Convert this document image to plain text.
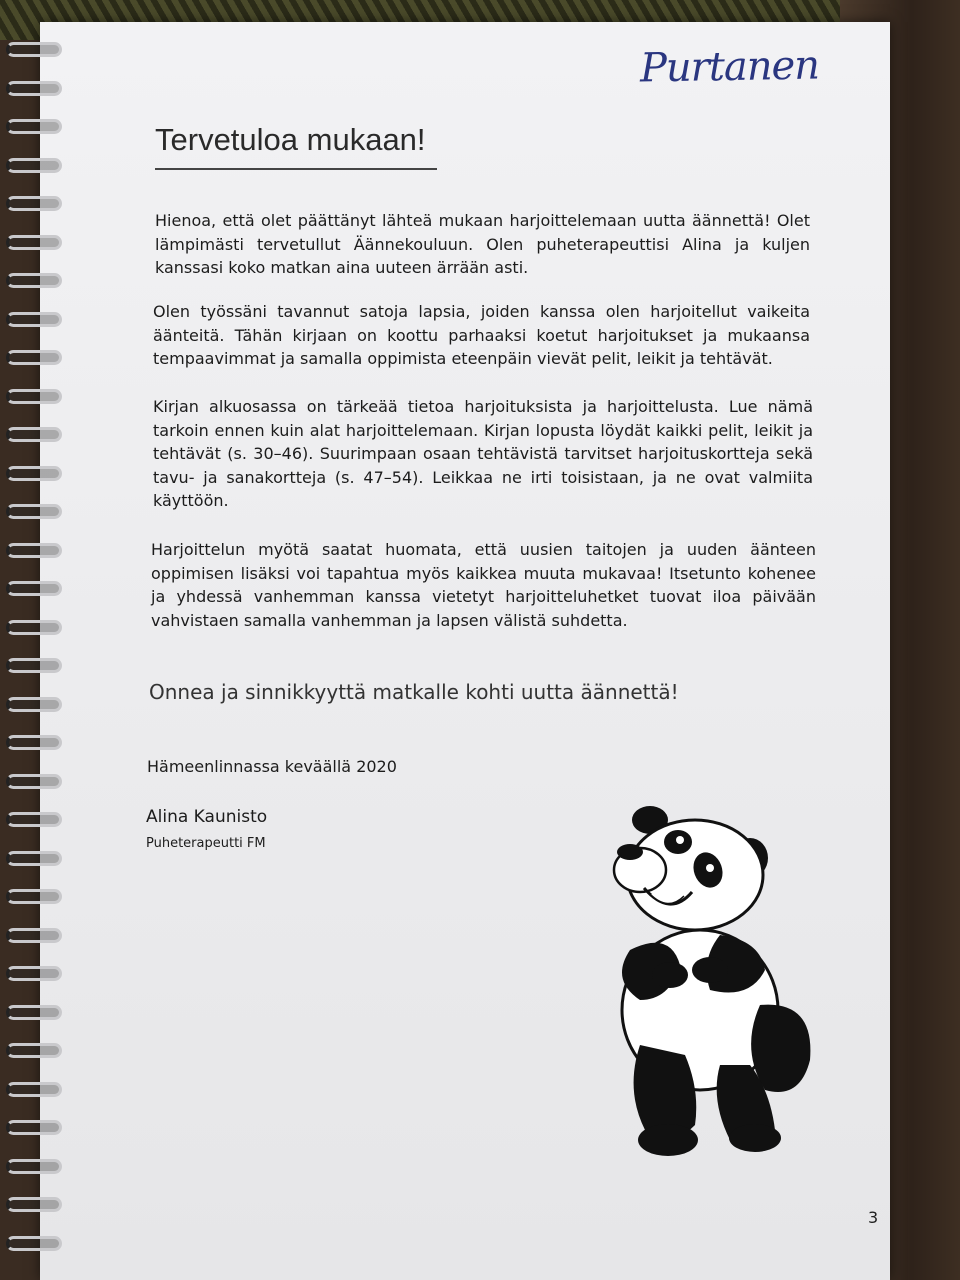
Purtanen
Tervetuloa mukaan!

Hienoa, että olet päättänyt lähteä mukaan harjoittelemaan uutta äännettä! Olet lämpimästi tervetullut Äännekouluun. Olen puheterapeuttisi Alina ja kuljen kanssasi koko matkan aina uuteen ärrään asti.

Olen työssäni tavannut satoja lapsia, joiden kanssa olen harjoitellut vaikeita äänteitä. Tähän kirjaan on koottu parhaaksi koetut harjoitukset ja mukaansa tempaavimmat ja samalla oppimista eteenpäin vievät pelit, leikit ja tehtävät.

Kirjan alkuosassa on tärkeää tietoa harjoituksista ja harjoittelusta. Lue nämä tarkoin ennen kuin alat harjoittelemaan. Kirjan lopusta löydät kaikki pelit, leikit ja tehtävät (s. 30–46). Suurimpaan osaan tehtävistä tarvitset harjoituskortteja sekä tavu- ja sanakortteja (s. 47–54). Leikkaa ne irti toisistaan, ja ne ovat valmiita käyttöön.

Harjoittelun myötä saatat huomata, että uusien taitojen ja uuden äänteen oppimisen lisäksi voi tapahtua myös kaikkea muuta mukavaa! Itsetunto kohenee ja yhdessä vanhemman kanssa vietetyt harjoitteluhetket tuovat iloa päivään vahvistaen samalla vanhemman ja lapsen välistä suhdetta.

Onnea ja sinnikkyyttä matkalle kohti uutta äännettä!

Hämeenlinnassa keväällä 2020
Alina Kaunisto
Puheterapeutti FM
3
